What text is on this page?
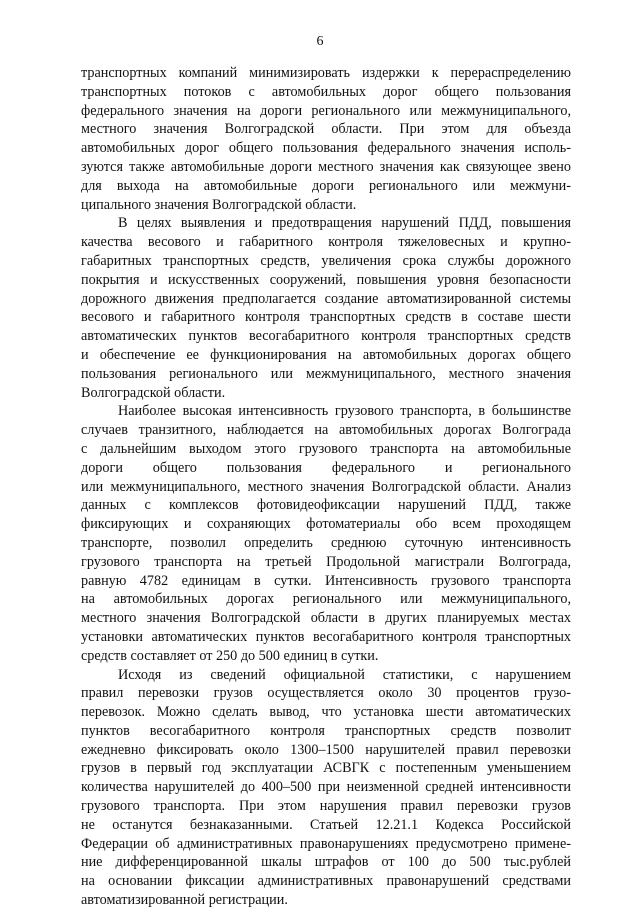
6
транспортных компаний минимизировать издержки к перераспределению
транспортных потоков с автомобильных дорог общего пользования
федерального значения на дороги регионального или межмуниципального,
местного значения Волгоградской области. При этом для объезда
автомобильных дорог общего пользования федерального значения исполь-
зуются также автомобильные дороги местного значения как связующее звено
для выхода на автомобильные дороги регионального или межмуни-
ципального значения Волгоградской области.
В целях выявления и предотвращения нарушений ПДД, повышения
качества весового и габаритного контроля тяжеловесных и крупно-
габаритных транспортных средств, увеличения срока службы дорожного
покрытия и искусственных сооружений, повышения уровня безопасности
дорожного движения предполагается создание автоматизированной системы
весового и габаритного контроля транспортных средств в составе шести
автоматических пунктов весогабаритного контроля транспортных средств
и обеспечение ее функционирования на автомобильных дорогах общего
пользования регионального или межмуниципального, местного значения
Волгоградской области.
Наиболее высокая интенсивность грузового транспорта, в большинстве
случаев транзитного, наблюдается на автомобильных дорогах Волгограда
с дальнейшим выходом этого грузового транспорта на автомобильные
дороги общего пользования федерального и регионального
или межмуниципального, местного значения Волгоградской области. Анализ
данных с комплексов фотовидеофиксации нарушений ПДД, также
фиксирующих и сохраняющих фотоматериалы обо всем проходящем
транспорте, позволил определить среднюю суточную интенсивность
грузового транспорта на третьей Продольной магистрали Волгограда,
равную 4782 единицам в сутки. Интенсивность грузового транспорта
на автомобильных дорогах регионального или межмуниципального,
местного значения Волгоградской области в других планируемых местах
установки автоматических пунктов весогабаритного контроля транспортных
средств составляет от 250 до 500 единиц в сутки.
Исходя из сведений официальной статистики, с нарушением
правил перевозки грузов осуществляется около 30 процентов грузо-
перевозок. Можно сделать вывод, что установка шести автоматических
пунктов весогабаритного контроля транспортных средств позволит
ежедневно фиксировать около 1300–1500 нарушителей правил перевозки
грузов в первый год эксплуатации АСВГК с постепенным уменьшением
количества нарушителей до 400–500 при неизменной средней интенсивности
грузового транспорта. При этом нарушения правил перевозки грузов
не останутся безнаказанными. Статьей 12.21.1 Кодекса Российской
Федерации об административных правонарушениях предусмотрено примене-
ние дифференцированной шкалы штрафов от 100 до 500 тыс.рублей
на основании фиксации административных правонарушений средствами
автоматизированной регистрации.
